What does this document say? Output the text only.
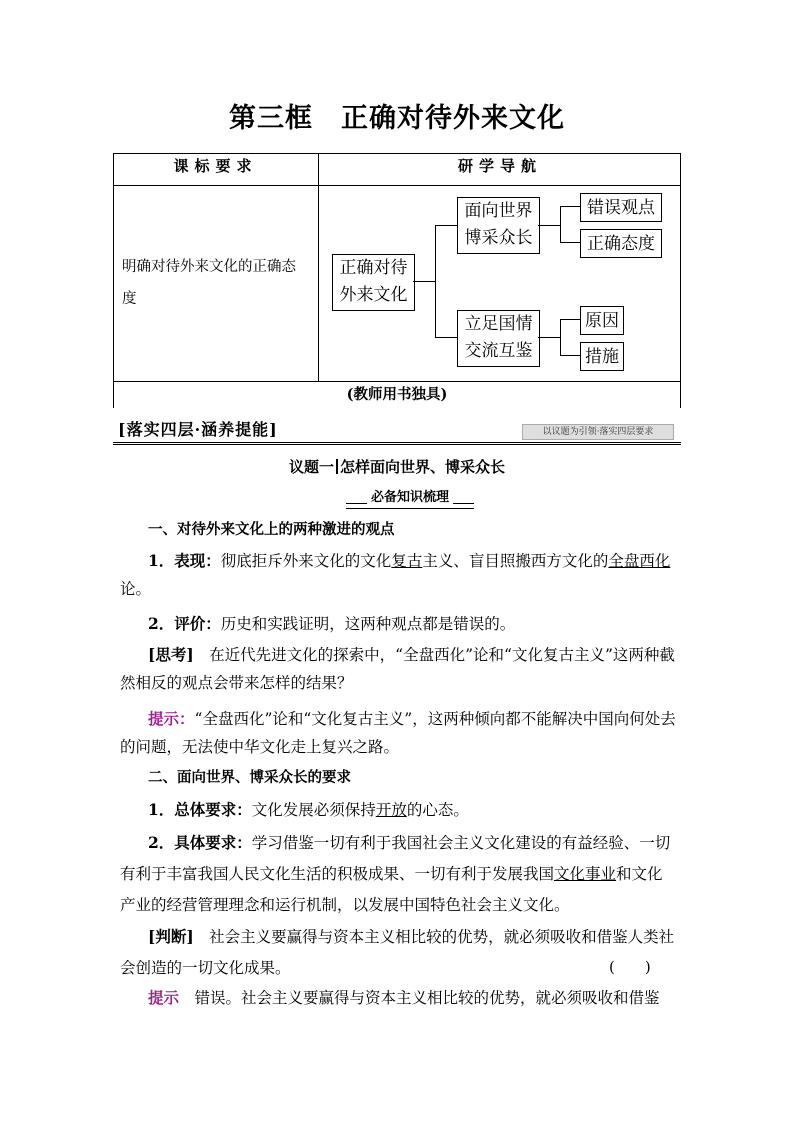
第三框　正确对待外来文化
课标要求	研学导航
明确对待外来文化的正确态度
正确对待
外来文化
面向世界
博采众长
立足国情
交流互鉴
错误观点
正确态度
原因
措施
(教师用书独具)
[落实四层·涵养提能]	以议题为引领·落实四层要求
议题一 怎样面向世界、博采众长
必备知识梳理
一、对待外来文化上的两种激进的观点
1．表现：彻底拒斥外来文化的文化复古主义、盲目照搬西方文化的全盘西化论。
2．评价：历史和实践证明，这两种观点都是错误的。
[思考]　在近代先进文化的探索中，“全盘西化”论和“文化复古主义”这两种截然相反的观点会带来怎样的结果？
提示：“全盘西化”论和“文化复古主义”，这两种倾向都不能解决中国向何处去的问题，无法使中华文化走上复兴之路。
二、面向世界、博采众长的要求
1．总体要求：文化发展必须保持开放的心态。
2．具体要求：学习借鉴一切有利于我国社会主义文化建设的有益经验、一切有利于丰富我国人民文化生活的积极成果、一切有利于发展我国文化事业和文化产业的经营管理理念和运行机制，以发展中国特色社会主义文化。
[判断]　社会主义要赢得与资本主义相比较的优势，就必须吸收和借鉴人类社会创造的一切文化成果。	(　　)
提示　错误。社会主义要赢得与资本主义相比较的优势，就必须吸收和借鉴
